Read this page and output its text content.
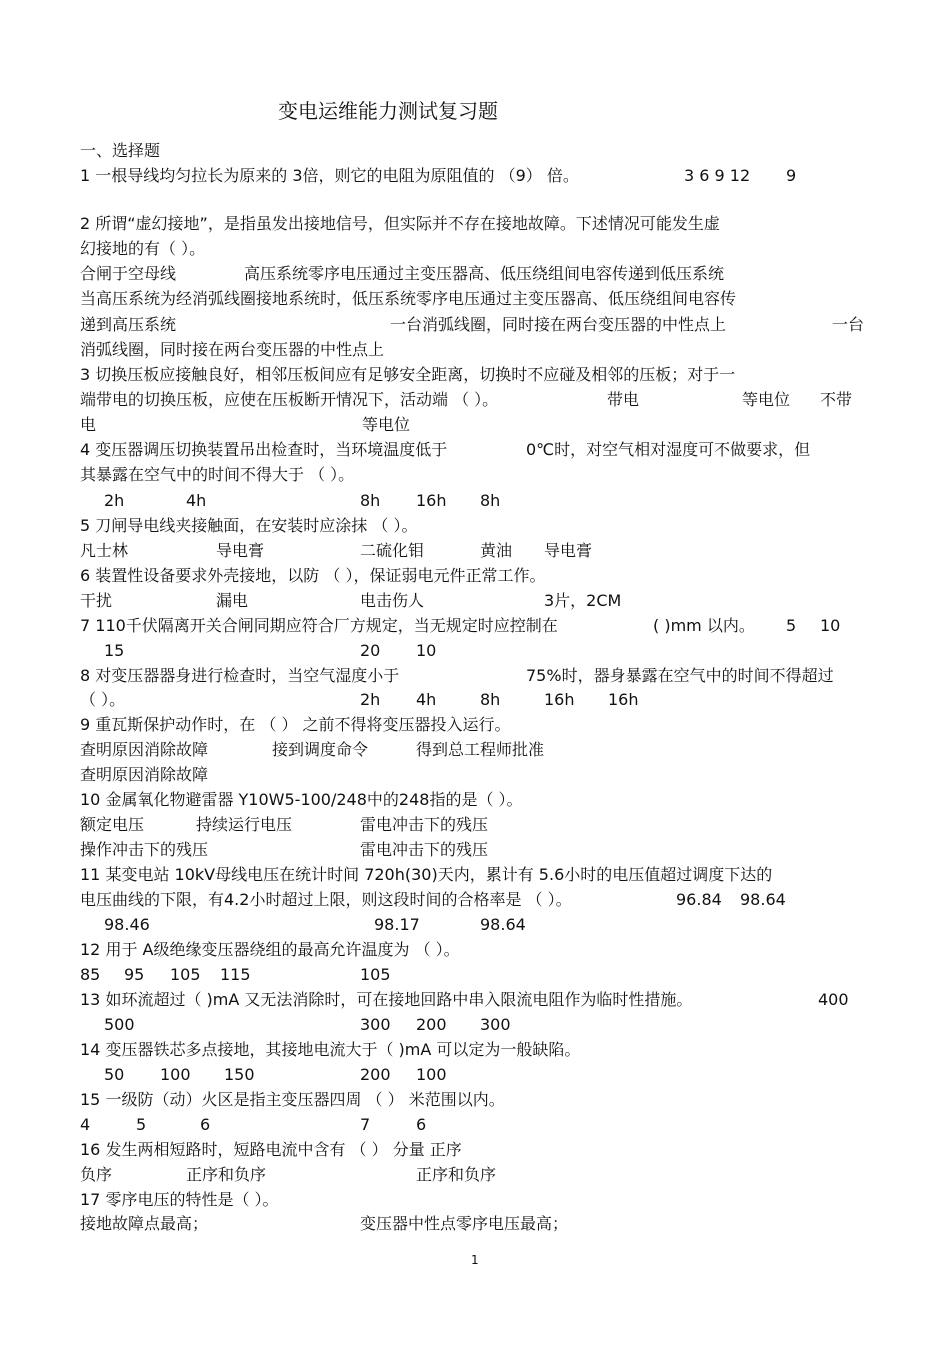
变电运维能力测试复习题
一、选择题
1 一根导线均匀拉长为原来的 3倍，则它的电阻为原阻值的 （9） 倍。	3 6 9 12 9
2 所谓“虚幻接地”，是指虽发出接地信号，但实际并不存在接地故障。下述情况可能发生虚
幻接地的有（ ）。
合闸于空母线	高压系统零序电压通过主变压器高、低压绕组间电容传递到低压系统
当高压系统为经消弧线圈接地系统时，低压系统零序电压通过主变压器高、低压绕组间电容传
递到高压系统	一台消弧线圈，同时接在两台变压器的中性点上	一台
消弧线圈，同时接在两台变压器的中性点上
3 切换压板应接触良好，相邻压板间应有足够安全距离，切换时不应碰及相邻的压板；对于一
端带电的切换压板，应使在压板断开情况下，活动端 （ ）。	带电	等电位 不带
电	等电位
4 变压器调压切换装置吊出检查时，当环境温度低于	0℃时，对空气相对湿度可不做要求，但
其暴露在空气中的时间不得大于 （ ）。
2h	4h	8h 16h 8h
5 刀闸导电线夹接触面，在安装时应涂抹 （ ）。
凡士林	导电膏	二硫化钼	黄油 导电膏
6 装置性设备要求外壳接地，以防 （ ），保证弱电元件正常工作。
干扰	漏电	电击伤人	3片，2CM
7 110千伏隔离开关合闸同期应符合厂方规定，当无规定时应控制在	( )mm 以内。 5 10
15	20 10
8 对变压器器身进行检查时，当空气湿度小于	75%时，器身暴露在空气中的时间不得超过
（ ）。	2h 4h	8h	16h 16h
9 重瓦斯保护动作时，在 （ ） 之前不得将变压器投入运行。
查明原因消除故障	接到调度命令	得到总工程师批准
查明原因消除故障
10 金属氧化物避雷器 Y10W5-100/248中的248指的是（ ）。
额定电压	持续运行电压	雷电冲击下的残压
操作冲击下的残压	雷电冲击下的残压
11 某变电站 10kV母线电压在统计时间 720h(30)天内，累计有 5.6小时的电压值超过调度下达的
电压曲线的下限，有4.2小时超过上限，则这段时间的合格率是 （ ）。	96.84 98.64
98.46	98.17	98.64
12 用于 A级绝缘变压器绕组的最高允许温度为 （ ）。
85 95 105 115	105
13 如环流超过（ )mA 又无法消除时，可在接地回路中串入限流电阻作为临时性措施。	400
500	300 200 300
14 变压器铁芯多点接地，其接地电流大于（ )mA 可以定为一般缺陷。
50 100 150	200 100
15 一级防（动）火区是指主变压器四周 （ ） 米范围以内。
4	5	6	7	6
16 发生两相短路时，短路电流中含有 （ ） 分量 正序
负序	正序和负序	正序和负序
17 零序电压的特性是（ ）。
接地故障点最高；	变压器中性点零序电压最高；
1
